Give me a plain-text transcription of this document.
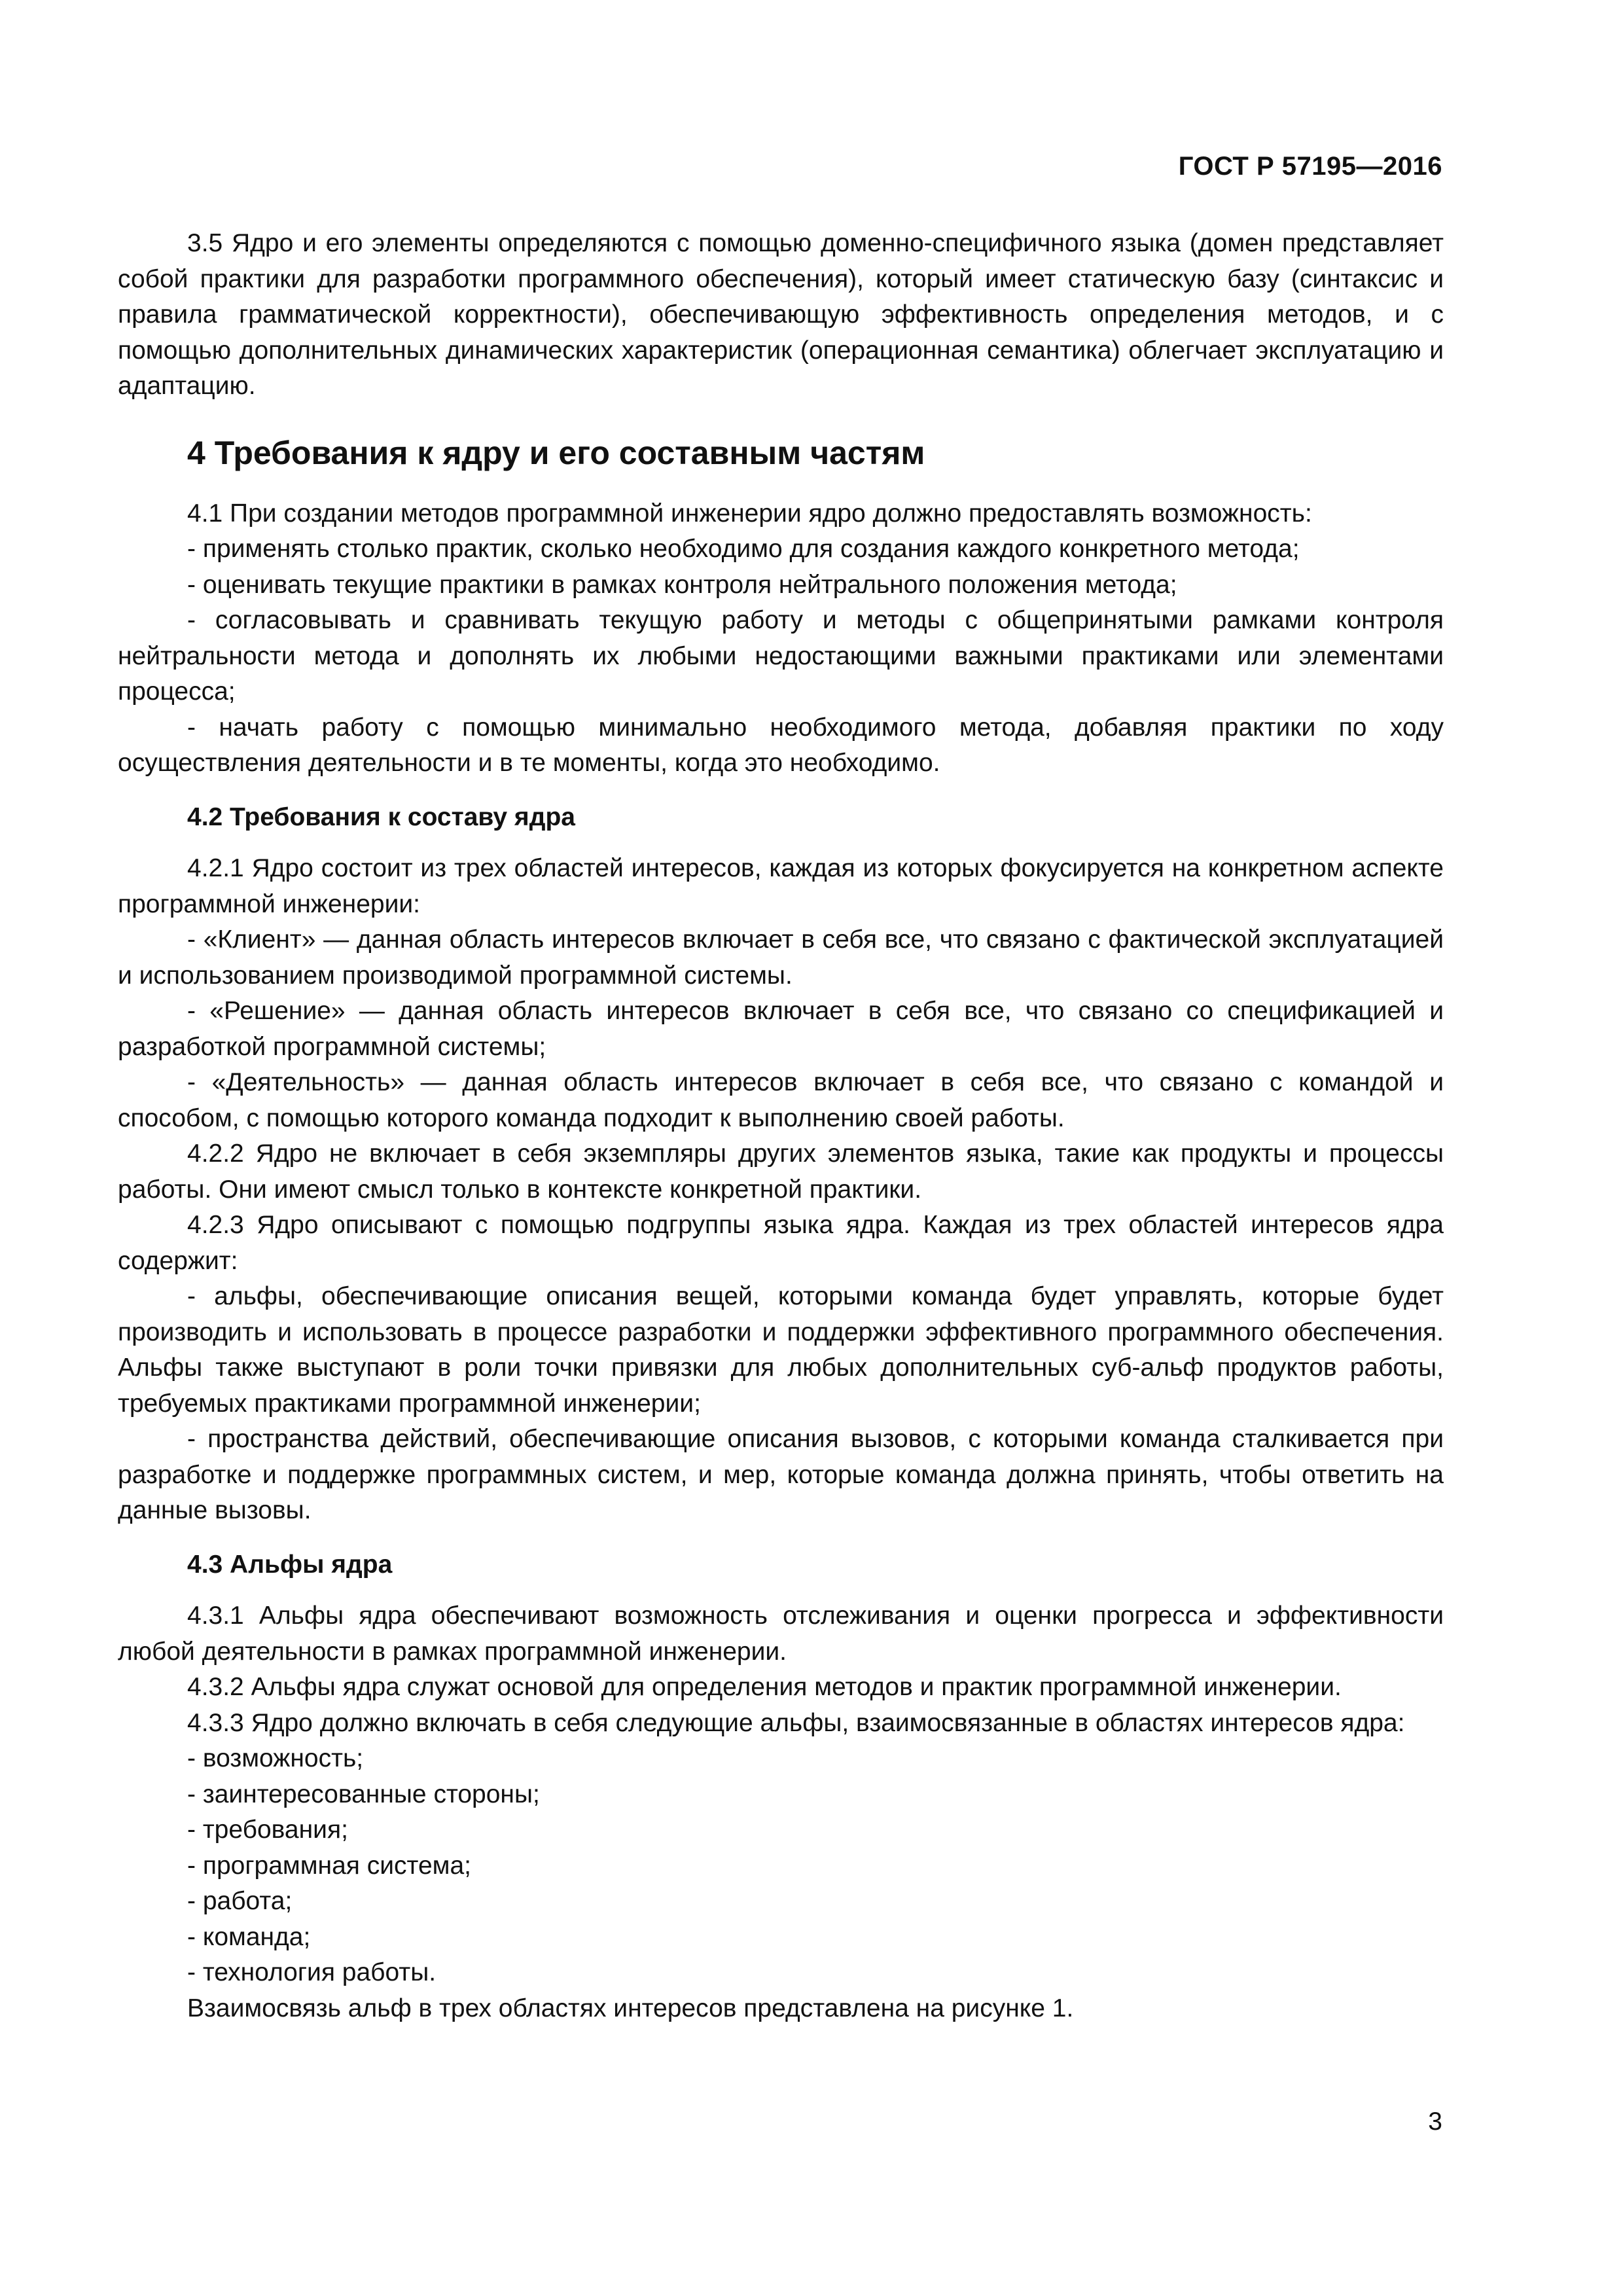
ГОСТ Р 57195—2016

3.5 Ядро и его элементы определяются с помощью доменно-специфичного языка (домен представляет собой практики для разработки программного обеспечения), который имеет статическую базу (синтаксис и правила грамматической корректности), обеспечивающую эффективность определения методов, и с помощью дополнительных динамических характеристик (операционная семантика) облегчает эксплуатацию и адаптацию.

4 Требования к ядру и его составным частям

4.1 При создании методов программной инженерии ядро должно предоставлять возможность:

- применять столько практик, сколько необходимо для создания каждого конкретного метода;

- оценивать текущие практики в рамках контроля нейтрального положения метода;

- согласовывать и сравнивать текущую работу и методы с общепринятыми рамками контроля нейтральности метода и дополнять их любыми недостающими важными практиками или элементами процесса;

- начать работу с помощью минимально необходимого метода, добавляя практики по ходу осуществления деятельности и в те моменты, когда это необходимо.

4.2 Требования к составу ядра

4.2.1 Ядро состоит из трех областей интересов, каждая из которых фокусируется на конкретном аспекте программной инженерии:

- «Клиент» — данная область интересов включает в себя все, что связано с фактической эксплуатацией и использованием производимой программной системы.

- «Решение» — данная область интересов включает в себя все, что связано со спецификацией и разработкой программной системы;

- «Деятельность» — данная область интересов включает в себя все, что связано с командой и способом, с помощью которого команда подходит к выполнению своей работы.

4.2.2 Ядро не включает в себя экземпляры других элементов языка, такие как продукты и процессы работы. Они имеют смысл только в контексте конкретной практики.

4.2.3 Ядро описывают с помощью подгруппы языка ядра. Каждая из трех областей интересов ядра содержит:

- альфы, обеспечивающие описания вещей, которыми команда будет управлять, которые будет производить и использовать в процессе разработки и поддержки эффективного программного обеспечения. Альфы также выступают в роли точки привязки для любых дополнительных суб-альф продуктов работы, требуемых практиками программной инженерии;

- пространства действий, обеспечивающие описания вызовов, с которыми команда сталкивается при разработке и поддержке программных систем, и мер, которые команда должна принять, чтобы ответить на данные вызовы.

4.3 Альфы ядра

4.3.1 Альфы ядра обеспечивают возможность отслеживания и оценки прогресса и эффективности любой деятельности в рамках программной инженерии.

4.3.2 Альфы ядра служат основой для определения методов и практик программной инженерии.

4.3.3 Ядро должно включать в себя следующие альфы, взаимосвязанные в областях интересов ядра:

- возможность;

- заинтересованные стороны;

- требования;

- программная система;

- работа;

- команда;

- технология работы.

Взаимосвязь альф в трех областях интересов представлена на рисунке 1.

3
